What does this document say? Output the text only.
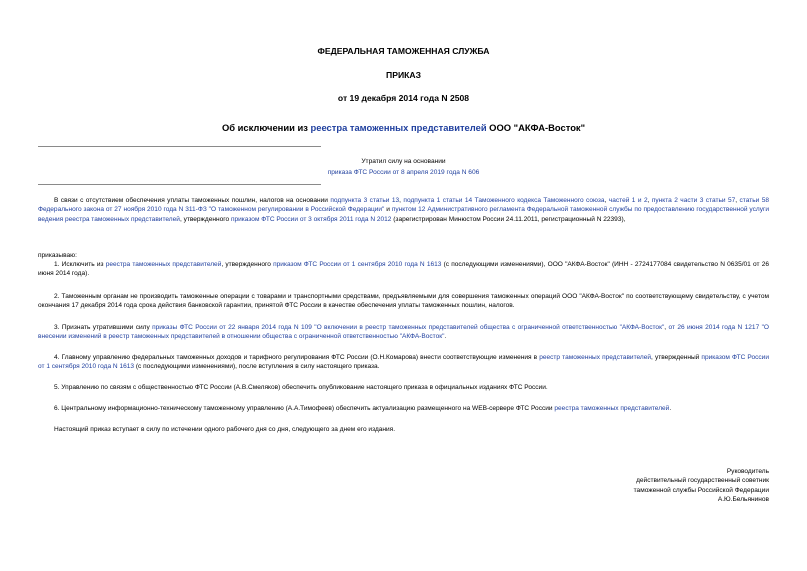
ФЕДЕРАЛЬНАЯ ТАМОЖЕННАЯ СЛУЖБА
ПРИКАЗ
от 19 декабря 2014 года N 2508
Об исключении из реестра таможенных представителей ООО "АКФА-Восток"
Утратил силу на основании
приказа ФТС России от 8 апреля 2019 года N 606
В связи с отсутствием обеспечения уплаты таможенных пошлин, налогов на основании подпункта 3 статьи 13, подпункта 1 статьи 14 Таможенного кодекса Таможенного союза, частей 1 и 2, пункта 2 части 3 статьи 57, статьи 58 Федерального закона от 27 ноября 2010 года N 311-ФЗ "О таможенном регулировании в Российской Федерации" и пунктом 12 Административного регламента Федеральной таможенной службы по предоставлению государственной услуги ведения реестра таможенных представителей, утвержденного приказом ФТС России от 3 октября 2011 года N 2012 (зарегистрирован Минюстом России 24.11.2011, регистрационный N 22393),
приказываю:
1. Исключить из реестра таможенных представителей, утвержденного приказом ФТС России от 1 сентября 2010 года N 1613 (с последующими изменениями), ООО "АКФА-Восток" (ИНН - 2724177084 свидетельство N 0635/01 от 26 июня 2014 года).
2. Таможенным органам не производить таможенные операции с товарами и транспортными средствами, предъявляемыми для совершения таможенных операций ООО "АКФА-Восток" по соответствующему свидетельству, с учетом окончания 17 декабря 2014 года срока действия банковской гарантии, принятой ФТС России в качестве обеспечения уплаты таможенных пошлин, налогов.
3. Признать утратившими силу приказы ФТС России от 22 января 2014 года N 109 "О включении в реестр таможенных представителей общества с ограниченной ответственностью "АКФА-Восток", от 26 июня 2014 года N 1217 "О внесении изменений в реестр таможенных представителей в отношении общества с ограниченной ответственностью "АКФА-Восток".
4. Главному управлению федеральных таможенных доходов и тарифного регулирования ФТС России (О.Н.Комарова) внести соответствующие изменения в реестр таможенных представителей, утвержденный приказом ФТС России от 1 сентября 2010 года N 1613 (с последующими изменениями), после вступления в силу настоящего приказа.
5. Управлению по связям с общественностью ФТС России (А.В.Смеляков) обеспечить опубликование настоящего приказа в официальных изданиях ФТС России.
6. Центральному информационно-техническому таможенному управлению (А.А.Тимофеев) обеспечить актуализацию размещенного на WEB-сервере ФТС России реестра таможенных представителей.
Настоящий приказ вступает в силу по истечении одного рабочего дня со дня, следующего за днем его издания.
Руководитель
действительный государственный советник
таможенной службы Российской Федерации
А.Ю.Бельянинов
